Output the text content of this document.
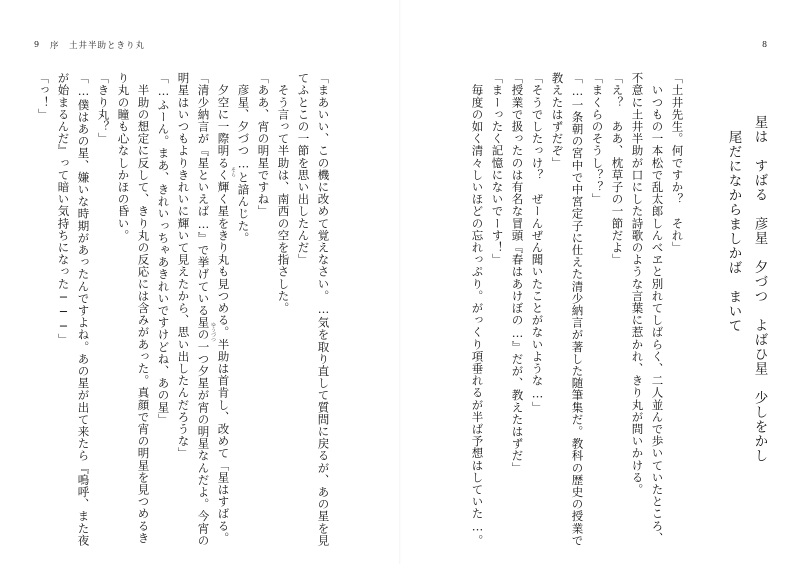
9 序　土井半助ときり丸	8
星は　すばる　彦星　夕づつ　よばひ星　少しをかし
尾だになからましかば　まいて
「土井先生。何ですか？　それ」
　いつもの一本松で乱太郎しんべヱと別れてしばらく、二人並んで歩いていたところ、
不意に土井半助が口にした詩歌のような言葉に惹かれ、きり丸が問いかける。
「え？　ああ、枕草子の一節だよ」
「まくらのそうし？？」
「…一条朝の宮中で中宮定子に仕えた清少納言が著した随筆集だ。教科の歴史の授業で
教えたはずだぞ」
「そうでしたっけ？　ぜーんぜん聞いたことがないような…」
「授業で扱ったのは有名な冒頭『春はあけぼの…』だが、教えたはずだ」
「まーったく記憶にないでーす！」
　毎度の如く清々しいほどの忘れっぷり。がっくり項垂れるが半ば予想はしていた…。
「まあいい、この機に改めて覚えなさい。…気を取り直して質問に戻るが、あの星を見
てふとこの一節を思い出したんだ」
　そう言って半助は、南西の空を指さした。
「ああ、宵の明星ですね」
　彦星、夕づつ…と諳んじた。
　夕空に一際明るく輝く星をきり丸も見つめる。半助は首肯し、改めて「星はすばる。
「清少納言が『星といえば…』で挙げている星の一つ夕星が宵の明星なんだよ。今宵の
明星はいつもよりきれいに輝いて見えたから、思い出したんだろうな」
「…ふーん。まあ、きれいっちゃあきれいですけどね、あの星」
　半助の想定に反して、きり丸の反応には含みがあった。真顔で宵の明星を見つめるき
り丸の瞳も心なしかほの昏い。
「きり丸？」
「…僕はあの星、嫌いな時期があったんですよね。あの星が出て来たら『嗚呼、また夜
が始まるんだ』って暗い気持ちになった───」
「っ！」
ゆうづつ
そら
